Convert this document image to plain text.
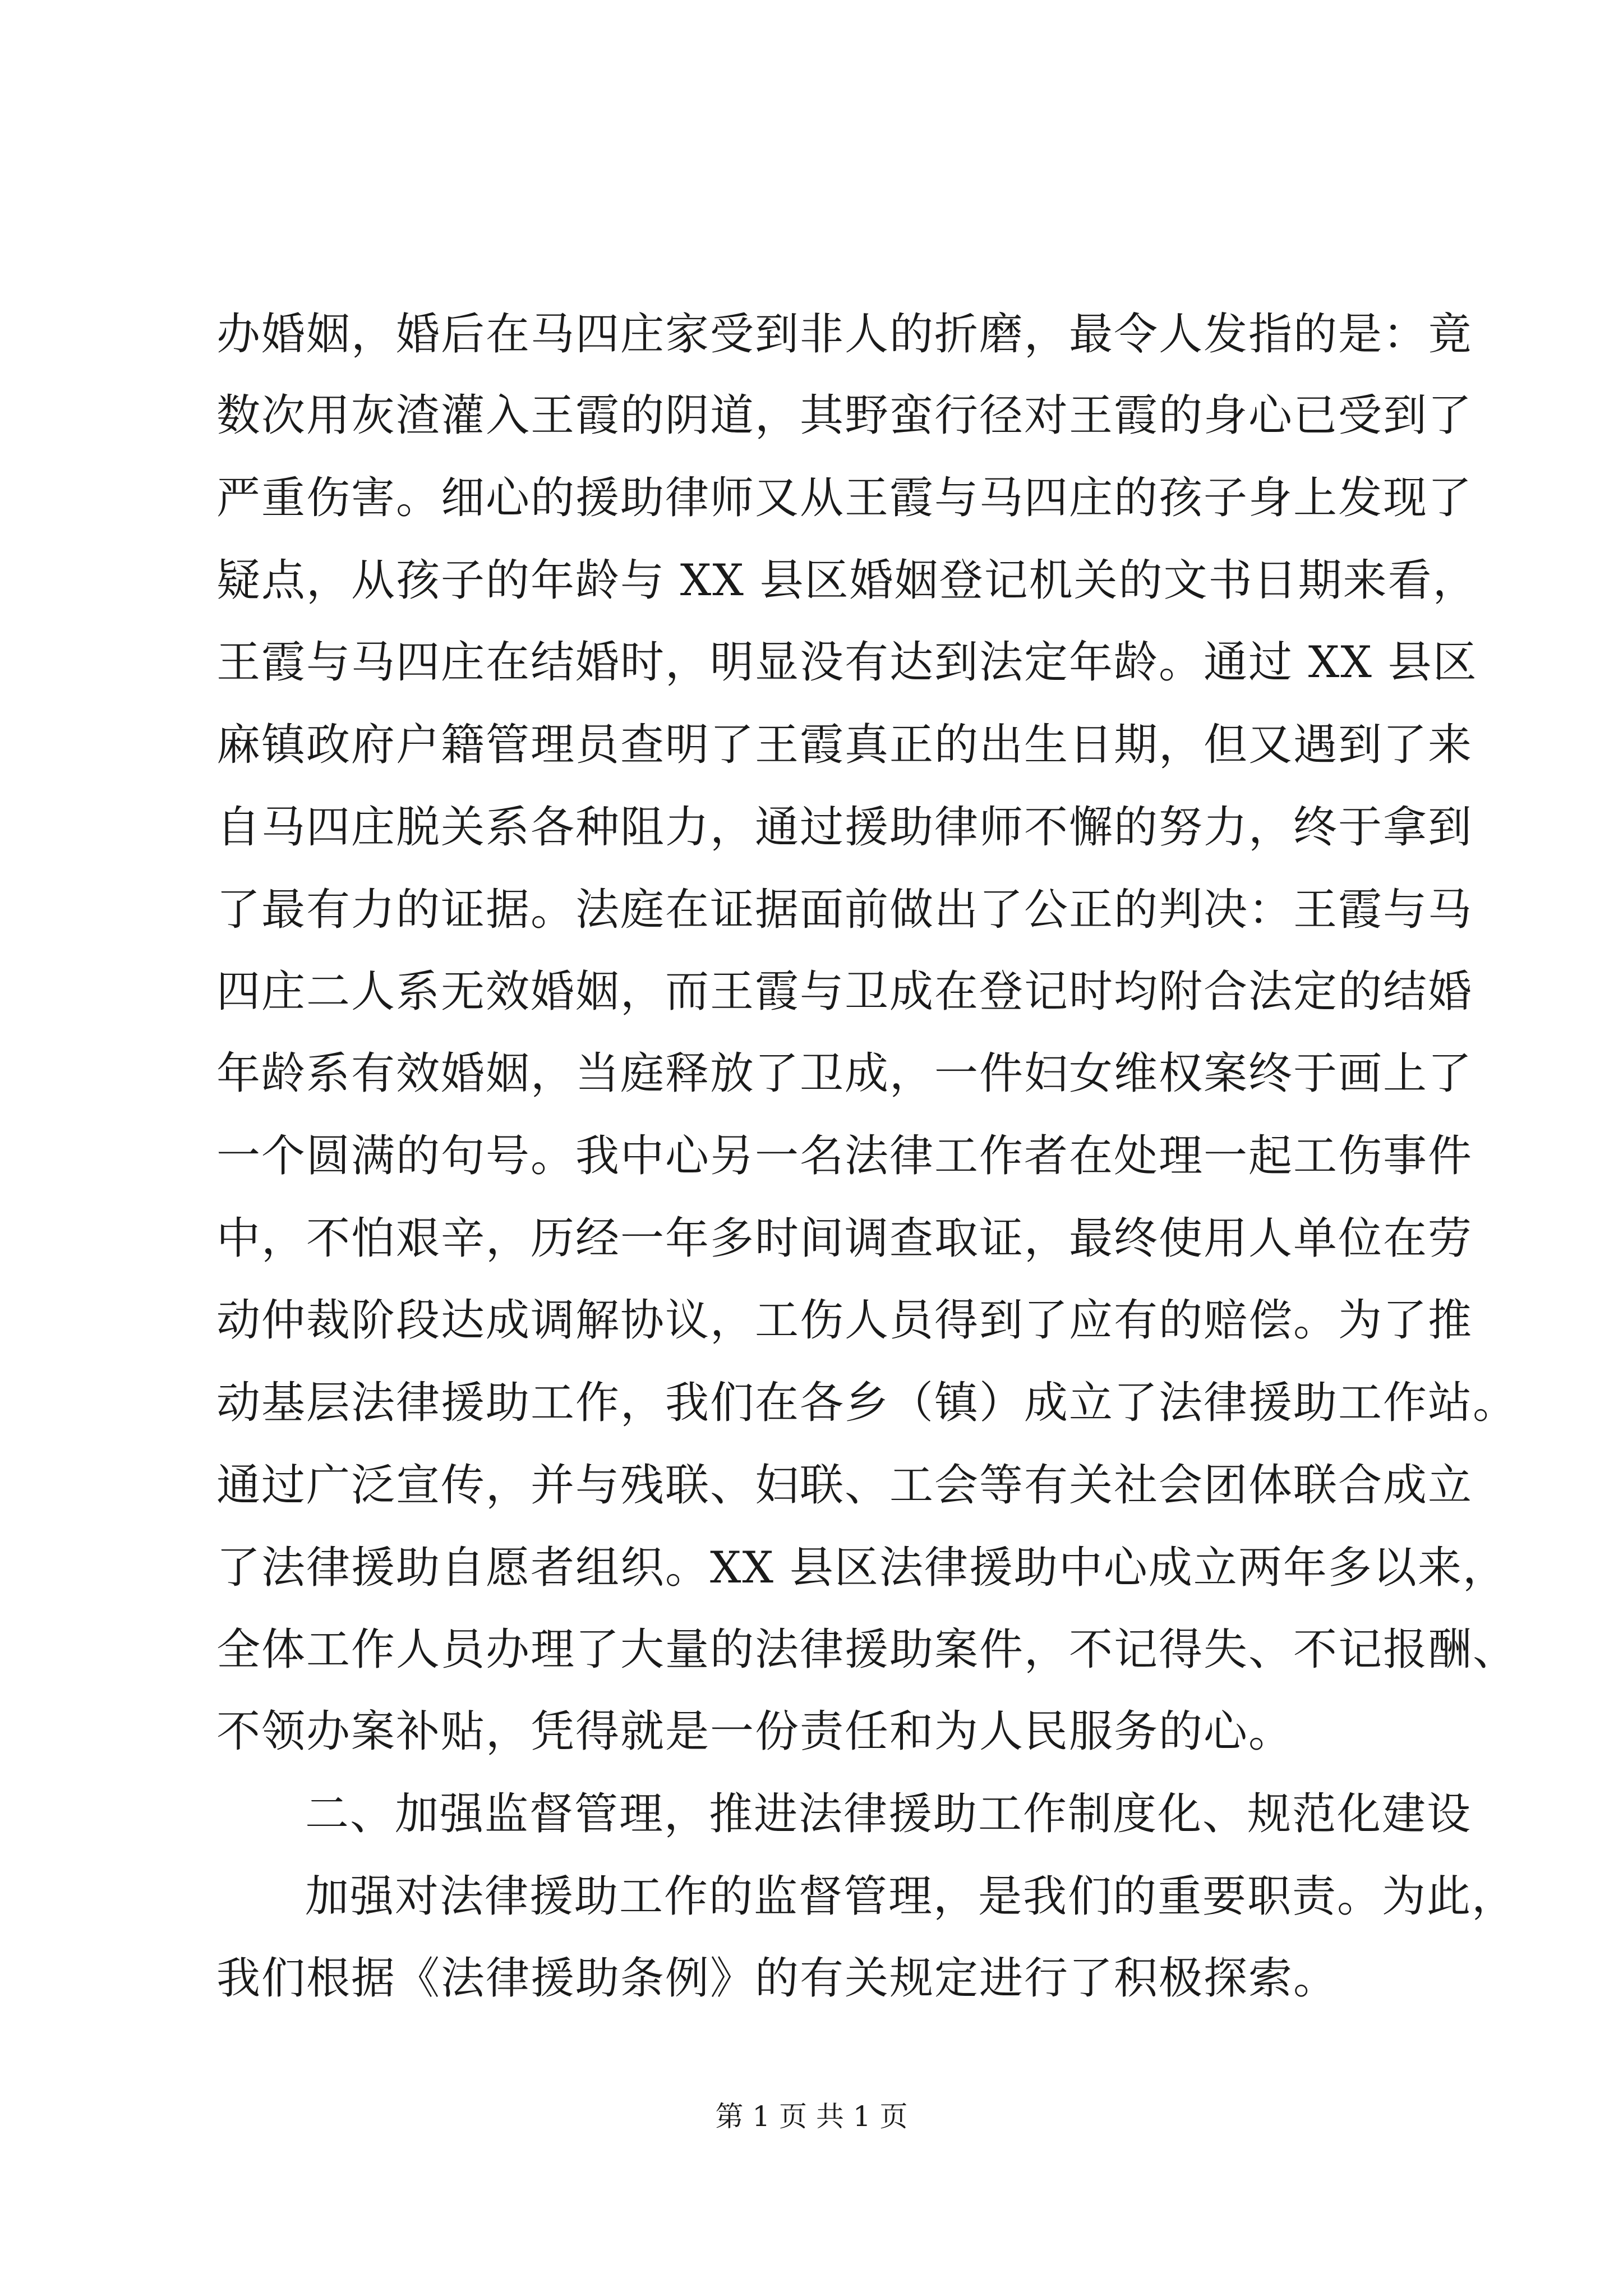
办婚姻，婚后在马四庄家受到非人的折磨，最令人发指的是：竟
数次用灰渣灌入王霞的阴道，其野蛮行径对王霞的身心已受到了
严重伤害。细心的援助律师又从王霞与马四庄的孩子身上发现了
疑点，从孩子的年龄与 XX 县区婚姻登记机关的文书日期来看，
王霞与马四庄在结婚时，明显没有达到法定年龄。通过 XX 县区
麻镇政府户籍管理员查明了王霞真正的出生日期，但又遇到了来
自马四庄脱关系各种阻力，通过援助律师不懈的努力，终于拿到
了最有力的证据。法庭在证据面前做出了公正的判决：王霞与马
四庄二人系无效婚姻，而王霞与卫成在登记时均附合法定的结婚
年龄系有效婚姻，当庭释放了卫成，一件妇女维权案终于画上了
一个圆满的句号。我中心另一名法律工作者在处理一起工伤事件
中，不怕艰辛，历经一年多时间调查取证，最终使用人单位在劳
动仲裁阶段达成调解协议，工伤人员得到了应有的赔偿。为了推
动基层法律援助工作，我们在各乡（镇）成立了法律援助工作站。
通过广泛宣传，并与残联、妇联、工会等有关社会团体联合成立
了法律援助自愿者组织。XX 县区法律援助中心成立两年多以来，
全体工作人员办理了大量的法律援助案件，不记得失、不记报酬、
不领办案补贴，凭得就是一份责任和为人民服务的心。
二、加强监督管理，推进法律援助工作制度化、规范化建设
加强对法律援助工作的监督管理，是我们的重要职责。为此，
我们根据《法律援助条例》的有关规定进行了积极探索。
第 1 页 共 1 页
